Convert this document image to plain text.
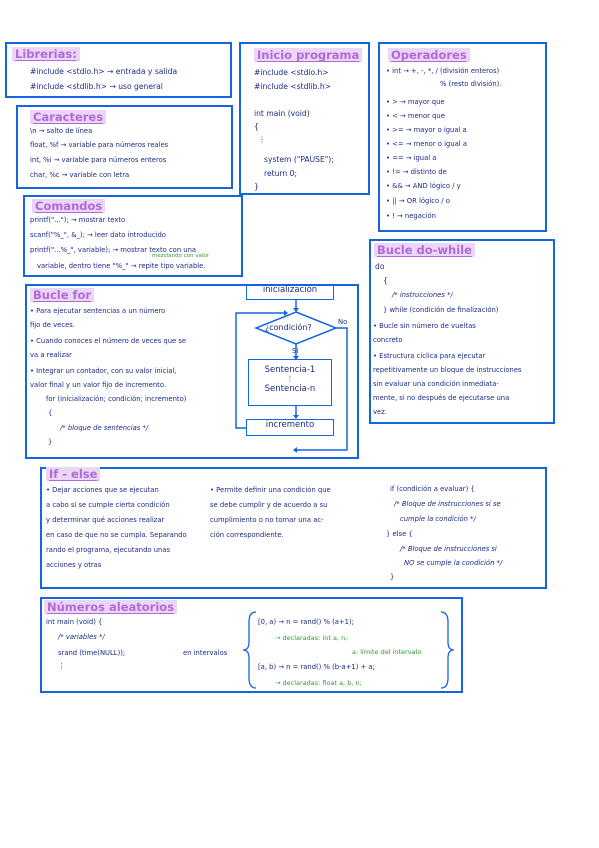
Librerias:
#include <stdio.h> → entrada y salida
#include <stdlib.h> → uso general
Inicio programa
#include <stdio.h>
#include <stdlib.h>
int main (void)
{
⋮
system ("PAUSE");
return 0;
}
Operadores
• int → +, -, *, / (división enteros)
% (resto división).
• > → mayor que
• < → menor que
• >= → mayor o igual a
• <= → menor o igual a
• == → igual a
• != → distinto de
• && → AND lógico / y
• || → OR lógico / o
• ! → negación
Caracteres
\n → salto de línea
float, %f → variable para números reales
int, %i → variable para números enteros
char, %c → variable con letra
Comandos
printf("..."); → mostrar texto
scanf("%_", &_); → leer dato introducido
printf("...%_", variable); → mostrar texto con una
mezclando con valor
variable, dentro tiene "%_" → repite tipo variable.
Bucle do-while
do
{
/* instrucciones */
} while (condición de finalización)
• Bucle sin número de vueltas
concreto
• Estructura cíclica para ejecutar
repetitivamente un bloque de instrucciones
sin evaluar una condición inmediata-
mente, si no después de ejecutarse una
vez.
Bucle for
• Para ejecutar sentencias a un número
fijo de veces.
• Cuando conoces el número de veces que se
va a realizar
• Integrar un contador, con su valor inicial,
valor final y un valor fijo de incremento.
for (inicialización; condición; incremento)
{
/* bloque de sentencias */
}
inicialización
¿condición?
No
Sí
Sentencia-1
⋮
Sentencia-n
incremento
If - else
• Dejar acciones que se ejecutan
a cabo si se cumple cierta condición
y determinar qué acciones realizar
en caso de que no se cumpla. Separando
rando el programa, ejecutando unas
acciones y otras
• Permite definir una condición que
se debe cumplir y de acuerdo a su
cumplimiento o no tomar una ac-
ción correspondiente.
if (condición a evaluar) {
/* Bloque de instrucciones si se
cumple la condición */
} else {
/* Bloque de instrucciones si
NO se cumple la condición */
}
Números aleatorios
int main (void) {
/* variables */
srand (time(NULL));
⋮
en intervalos
[0, a) → n = rand() % (a+1);
→ declaradas: int a, n;
a: límite del intervalo
[a, b) → n = rand() % (b-a+1) + a;
→ declaradas: float a, b, n;
